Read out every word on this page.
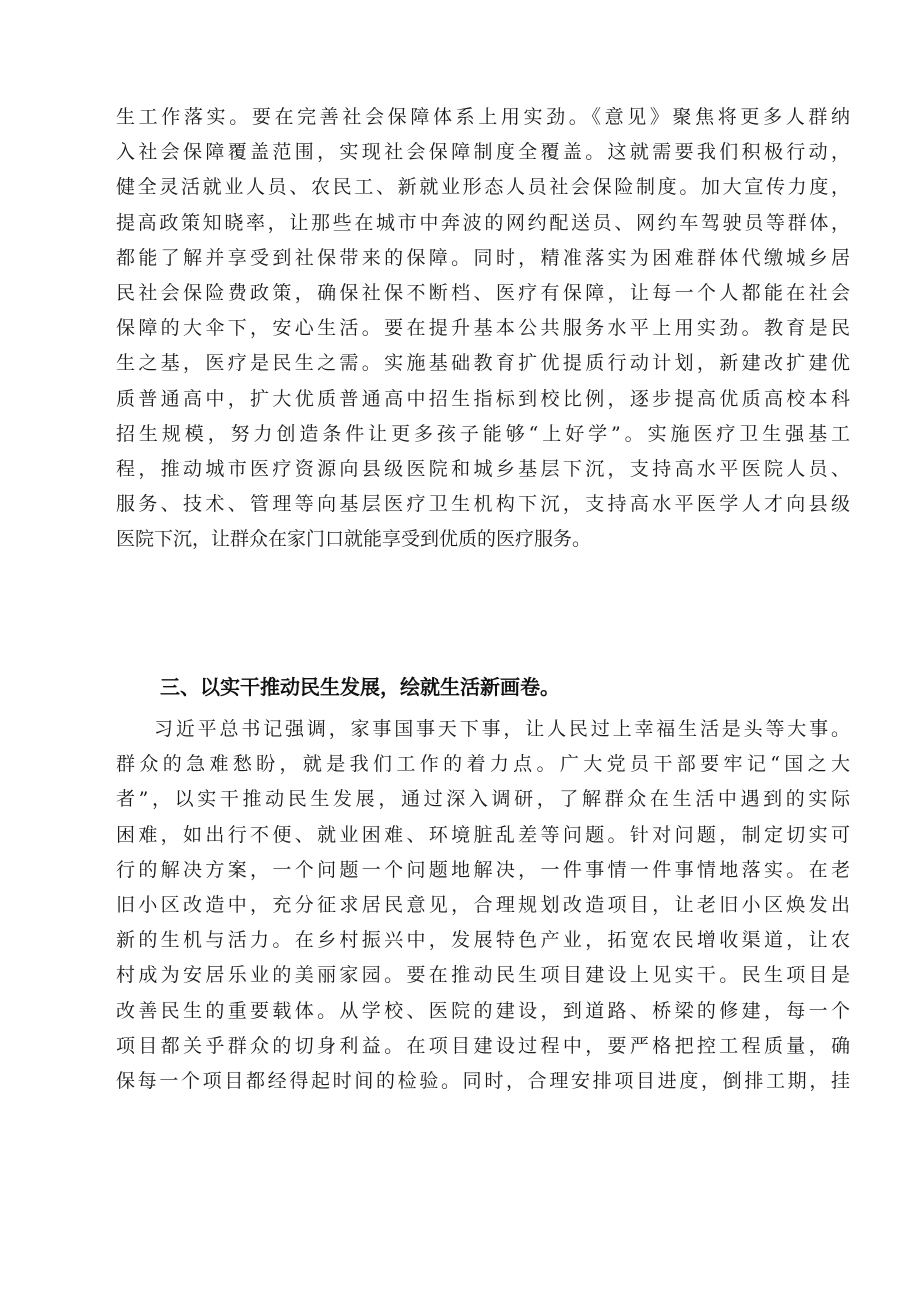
生工作落实。要在完善社会保障体系上用实劲。《意见》聚焦将更多人群纳
入社会保障覆盖范围，实现社会保障制度全覆盖。这就需要我们积极行动，
健全灵活就业人员、农民工、新就业形态人员社会保险制度。加大宣传力度，
提高政策知晓率，让那些在城市中奔波的网约配送员、网约车驾驶员等群体，
都能了解并享受到社保带来的保障。同时，精准落实为困难群体代缴城乡居
民社会保险费政策，确保社保不断档、医疗有保障，让每一个人都能在社会
保障的大伞下，安心生活。要在提升基本公共服务水平上用实劲。教育是民
生之基，医疗是民生之需。实施基础教育扩优提质行动计划，新建改扩建优
质普通高中，扩大优质普通高中招生指标到校比例，逐步提高优质高校本科
招生规模，努力创造条件让更多孩子能够“上好学”。实施医疗卫生强基工
程，推动城市医疗资源向县级医院和城乡基层下沉，支持高水平医院人员、
服务、技术、管理等向基层医疗卫生机构下沉，支持高水平医学人才向县级
医院下沉，让群众在家门口就能享受到优质的医疗服务。
三、以实干推动民生发展，绘就生活新画卷。
习近平总书记强调，家事国事天下事，让人民过上幸福生活是头等大事。
群众的急难愁盼，就是我们工作的着力点。广大党员干部要牢记“国之大
者”，以实干推动民生发展，通过深入调研，了解群众在生活中遇到的实际
困难，如出行不便、就业困难、环境脏乱差等问题。针对问题，制定切实可
行的解决方案，一个问题一个问题地解决，一件事情一件事情地落实。在老
旧小区改造中，充分征求居民意见，合理规划改造项目，让老旧小区焕发出
新的生机与活力。在乡村振兴中，发展特色产业，拓宽农民增收渠道，让农
村成为安居乐业的美丽家园。要在推动民生项目建设上见实干。民生项目是
改善民生的重要载体。从学校、医院的建设，到道路、桥梁的修建，每一个
项目都关乎群众的切身利益。在项目建设过程中，要严格把控工程质量，确
保每一个项目都经得起时间的检验。同时，合理安排项目进度，倒排工期，挂
